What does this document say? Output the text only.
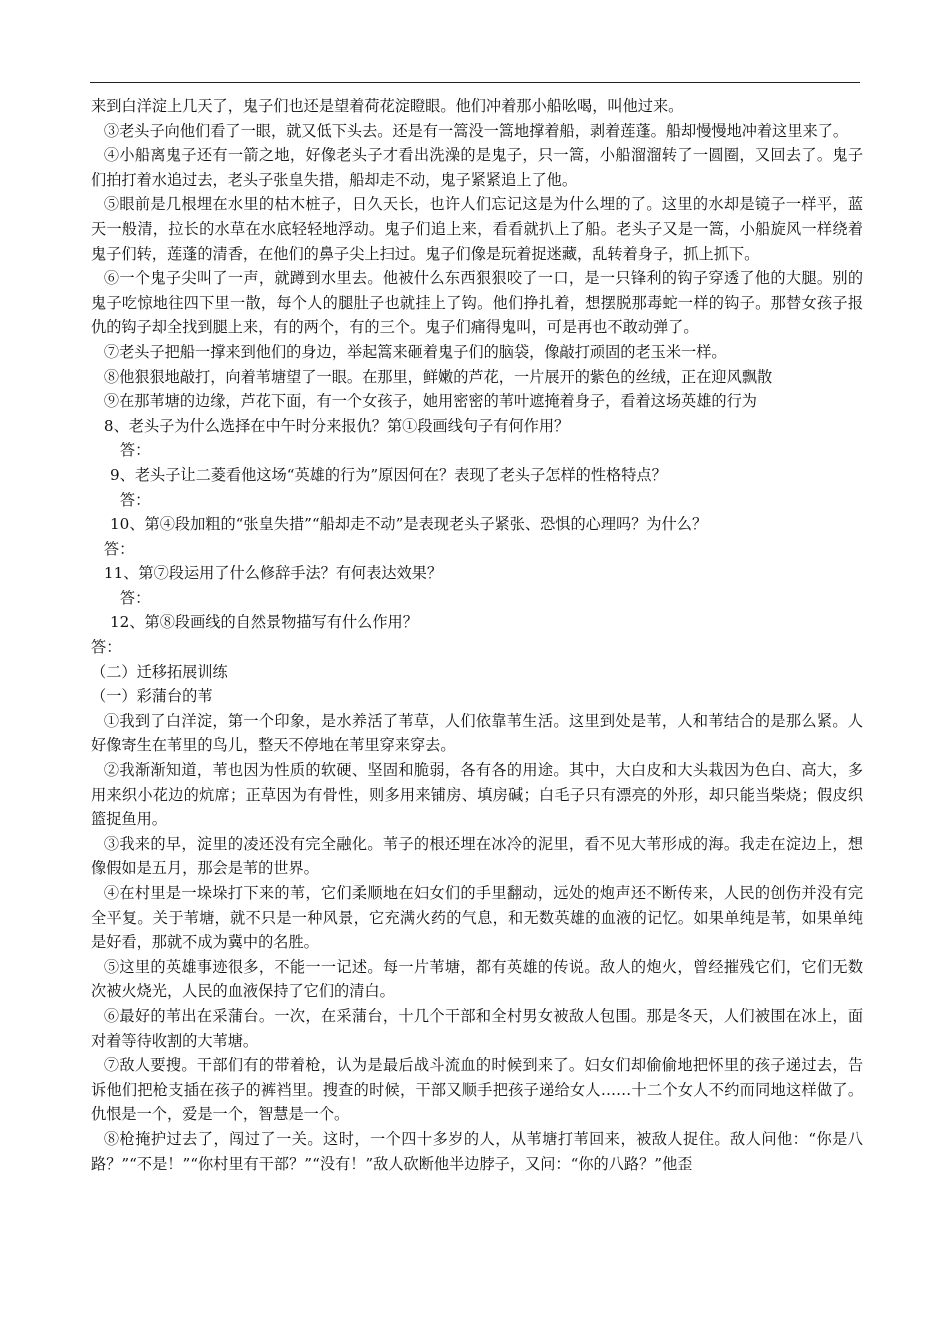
来到白洋淀上几天了，鬼子们也还是望着荷花淀瞪眼。他们冲着那小船吆喝，叫他过来。

③老头子向他们看了一眼，就又低下头去。还是有一篙没一篙地撑着船，剥着莲蓬。船却慢慢地冲着这里来了。

④小船离鬼子还有一箭之地，好像老头子才看出洗澡的是鬼子，只一篙，小船溜溜转了一圆圈，又回去了。鬼子们拍打着水追过去，老头子张皇失措，船却走不动，鬼子紧紧追上了他。

⑤眼前是几根埋在水里的枯木桩子，日久天长，也许人们忘记这是为什么埋的了。这里的水却是镜子一样平，蓝天一般清，拉长的水草在水底轻轻地浮动。鬼子们追上来，看看就扒上了船。老头子又是一篙，小船旋风一样绕着鬼子们转，莲蓬的清香，在他们的鼻子尖上扫过。鬼子们像是玩着捉迷藏，乱转着身子，抓上抓下。

⑥一个鬼子尖叫了一声，就蹲到水里去。他被什么东西狠狠咬了一口，是一只锋利的钩子穿透了他的大腿。别的鬼子吃惊地往四下里一散，每个人的腿肚子也就挂上了钩。他们挣扎着，想摆脱那毒蛇一样的钩子。那替女孩子报仇的钩子却全找到腿上来，有的两个，有的三个。鬼子们痛得鬼叫，可是再也不敢动弹了。

⑦老头子把船一撑来到他们的身边，举起篙来砸着鬼子们的脑袋，像敲打顽固的老玉米一样。

⑧他狠狠地敲打，向着苇塘望了一眼。在那里，鲜嫩的芦花，一片展开的紫色的丝绒，正在迎风飘散

⑨在那苇塘的边缘，芦花下面，有一个女孩子，她用密密的苇叶遮掩着身子，看着这场英雄的行为

8、老头子为什么选择在中午时分来报仇？第①段画线句子有何作用？

答：

9、老头子让二菱看他这场“英雄的行为”原因何在？表现了老头子怎样的性格特点？

答：

10、第④段加粗的“张皇失措”“船却走不动”是表现老头子紧张、恐惧的心理吗？为什么？

答：

11、第⑦段运用了什么修辞手法？有何表达效果？

答：

12、第⑧段画线的自然景物描写有什么作用？

答：

（二）迁移拓展训练

（一）彩蒲台的苇

①我到了白洋淀，第一个印象，是水养活了苇草，人们依靠苇生活。这里到处是苇，人和苇结合的是那么紧。人好像寄生在苇里的鸟儿，整天不停地在苇里穿来穿去。

②我渐渐知道，苇也因为性质的软硬、坚固和脆弱，各有各的用途。其中，大白皮和大头栽因为色白、高大，多用来织小花边的炕席；正草因为有骨性，则多用来铺房、填房碱；白毛子只有漂亮的外形，却只能当柴烧；假皮织篮捉鱼用。

③我来的早，淀里的凌还没有完全融化。苇子的根还埋在冰冷的泥里，看不见大苇形成的海。我走在淀边上，想像假如是五月，那会是苇的世界。

④在村里是一垛垛打下来的苇，它们柔顺地在妇女们的手里翻动，远处的炮声还不断传来，人民的创伤并没有完全平复。关于苇塘，就不只是一种风景，它充满火药的气息，和无数英雄的血液的记忆。如果单纯是苇，如果单纯是好看，那就不成为冀中的名胜。

⑤这里的英雄事迹很多，不能一一记述。每一片苇塘，都有英雄的传说。敌人的炮火，曾经摧残它们，它们无数次被火烧光，人民的血液保持了它们的清白。

⑥最好的苇出在采蒲台。一次，在采蒲台，十几个干部和全村男女被敌人包围。那是冬天，人们被围在冰上，面对着等待收割的大苇塘。

⑦敌人要搜。干部们有的带着枪，认为是最后战斗流血的时候到来了。妇女们却偷偷地把怀里的孩子递过去，告诉他们把枪支插在孩子的裤裆里。搜查的时候，干部又顺手把孩子递给女人……十二个女人不约而同地这样做了。仇恨是一个，爱是一个，智慧是一个。

⑧枪掩护过去了，闯过了一关。这时，一个四十多岁的人，从苇塘打苇回来，被敌人捉住。敌人问他：“你是八路？”“不是！”“你村里有干部？”“没有！”敌人砍断他半边脖子，又问：“你的八路？”他歪
